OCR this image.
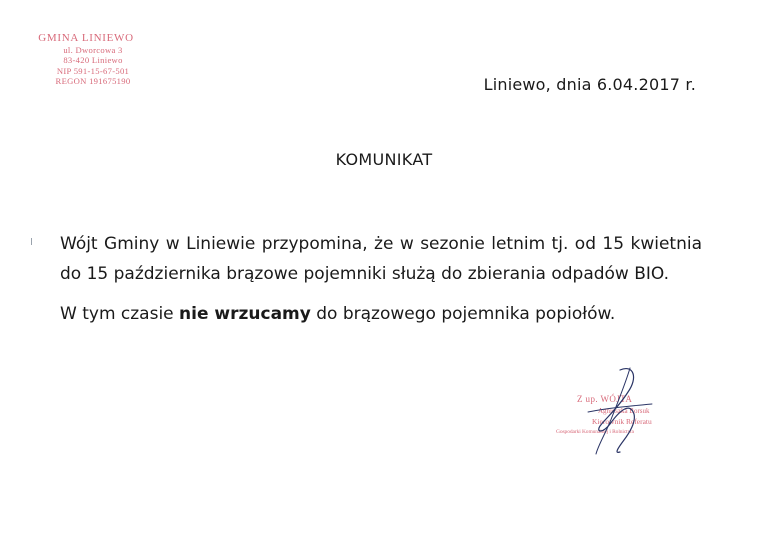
GMINA LINIEWO
ul. Dworcowa 3
83-420 Liniewo
NIP 591-15-67-501
REGON 191675190	Liniewo, dnia 6.04.2017 r.
KOMUNIKAT

Wójt Gminy w Liniewie przypomina, że w sezonie letnim tj. od 15 kwietnia do 15 października brązowe pojemniki służą do zbierania odpadów BIO.

W tym czasie nie wrzucamy do brązowego pojemnika popiołów.

Z up. WÓJTA
Agnieszka Borsuk
Kierownik Referatu
Gospodarki Komunalnej i Rolnictwa
